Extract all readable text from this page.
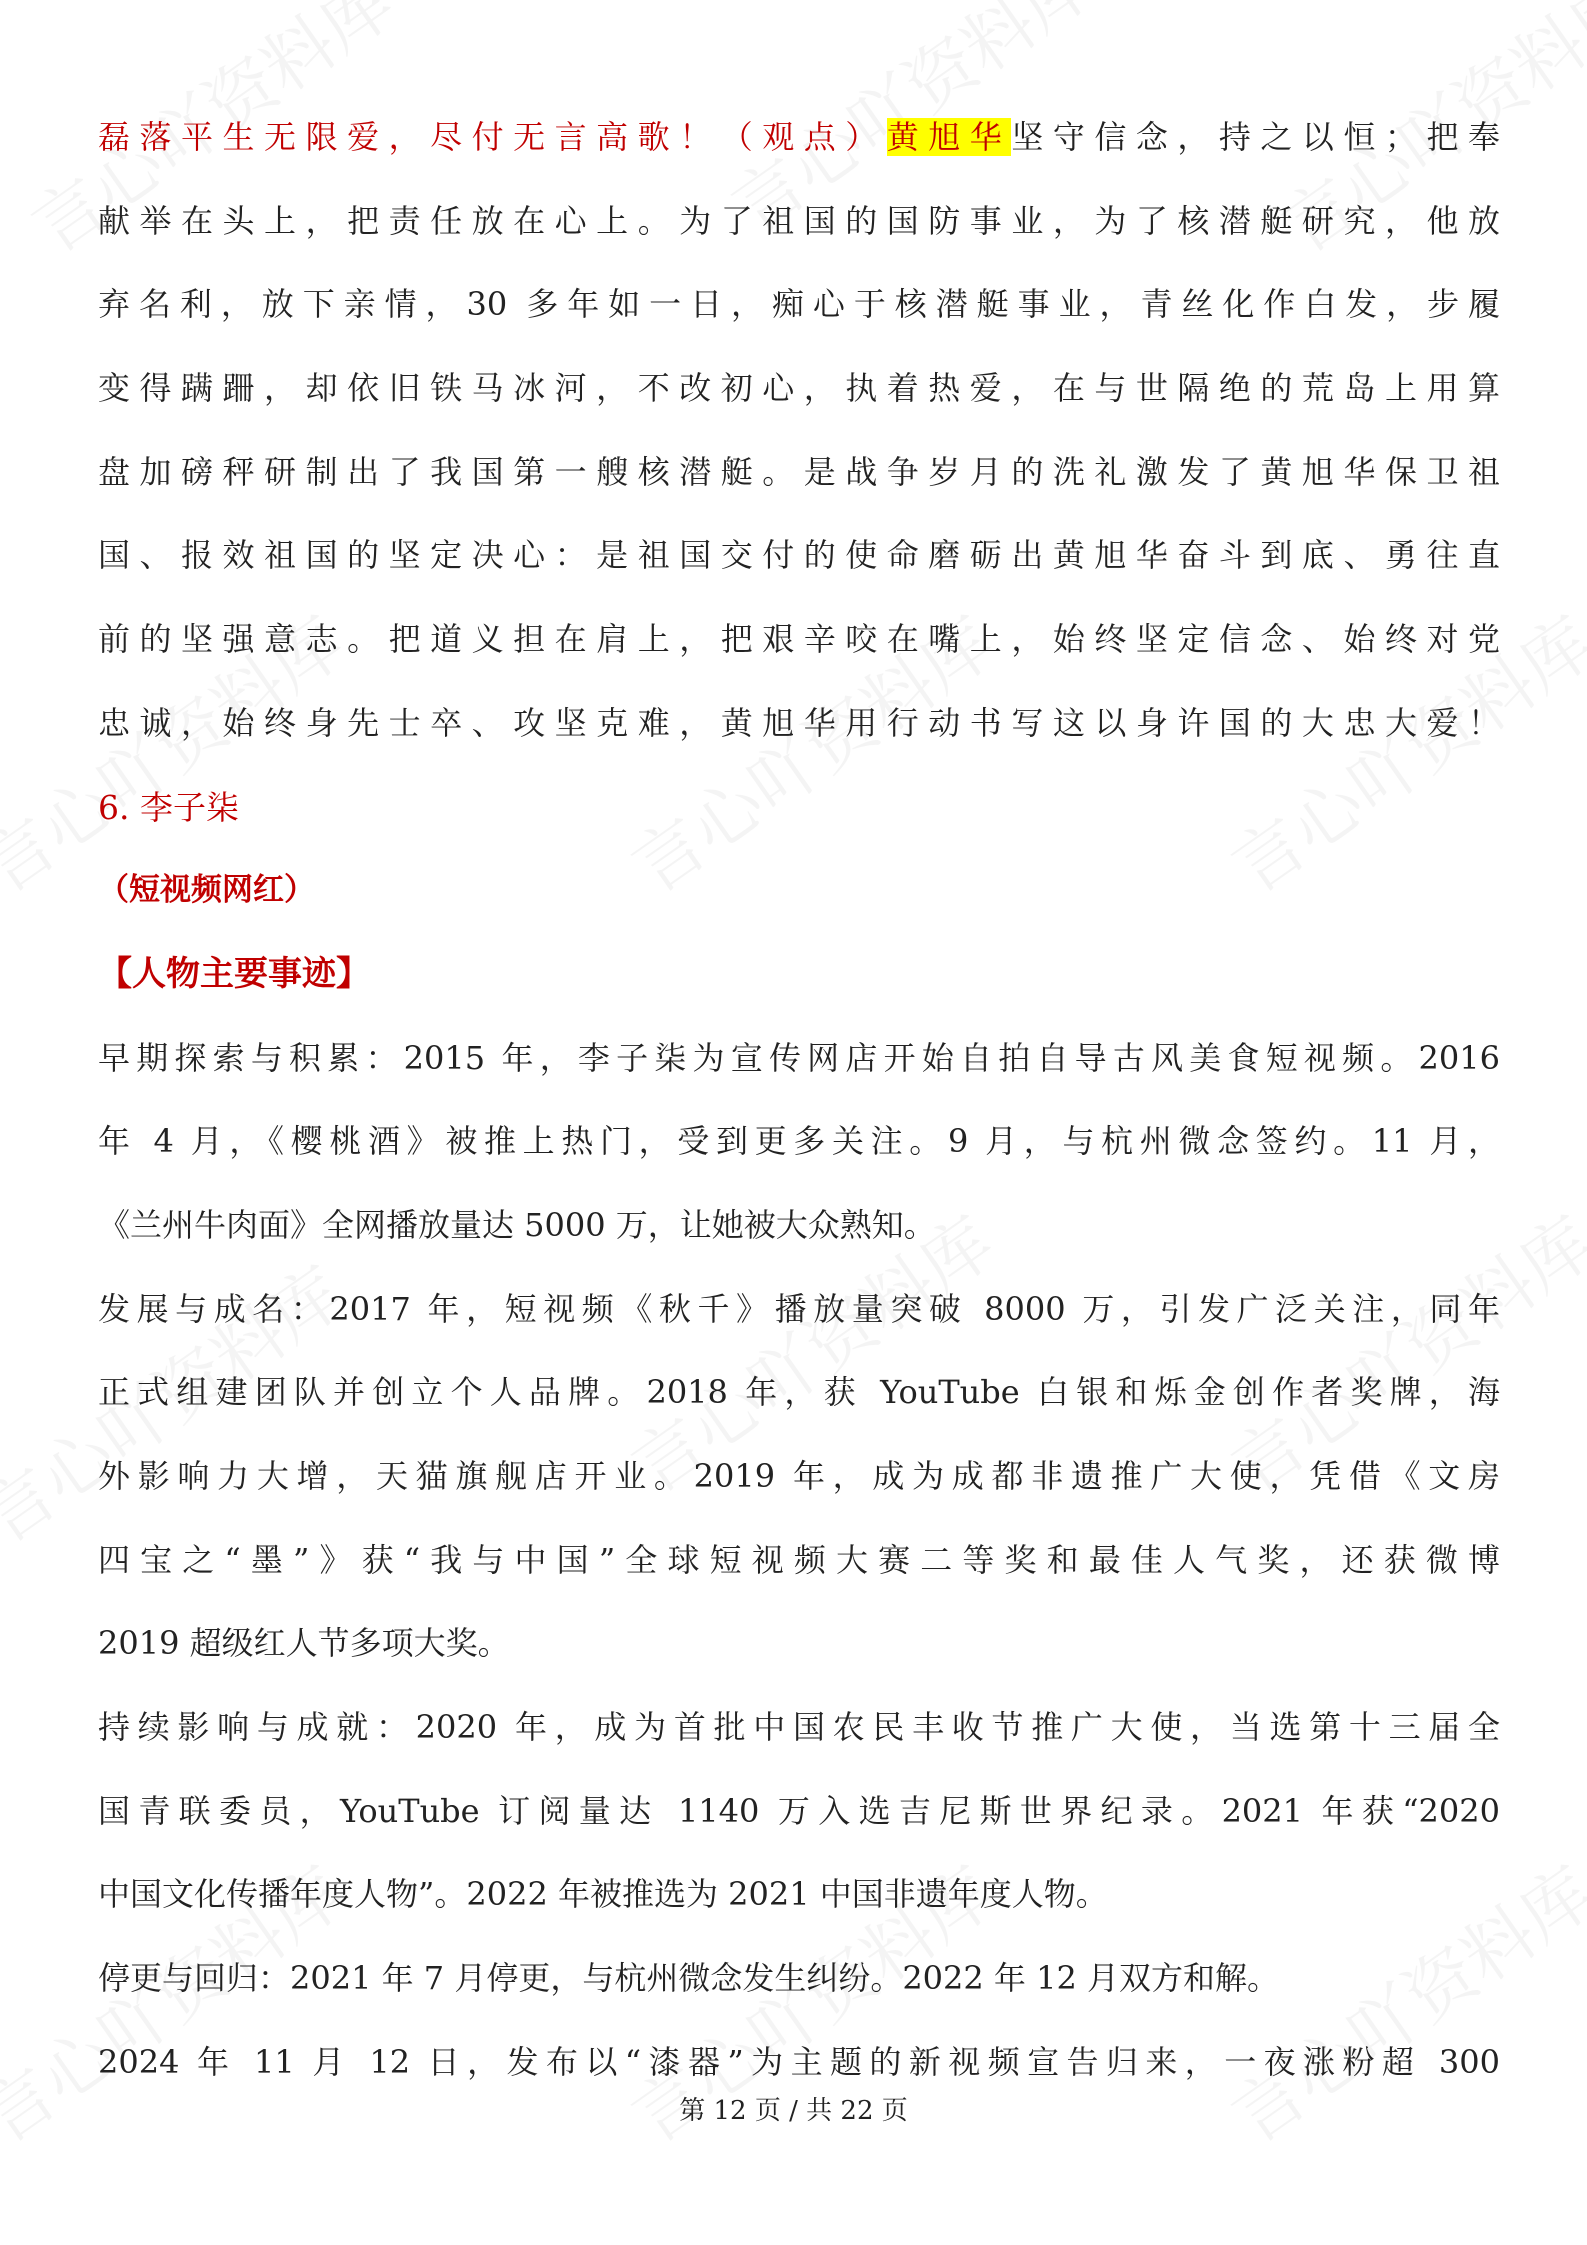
磊落平生无限爱，尽付无言高歌！（观点）黄旭华坚守信念，持之以恒；把奉
献举在头上，把责任放在心上。为了祖国的国防事业，为了核潜艇研究，他放
弃名利，放下亲情，30 多年如一日，痴心于核潜艇事业，青丝化作白发，步履
变得蹒跚，却依旧铁马冰河，不改初心，执着热爱，在与世隔绝的荒岛上用算
盘加磅秤研制出了我国第一艘核潜艇。是战争岁月的洗礼激发了黄旭华保卫祖
国、报效祖国的坚定决心：是祖国交付的使命磨砺出黄旭华奋斗到底、勇往直
前的坚强意志。把道义担在肩上，把艰辛咬在嘴上，始终坚定信念、始终对党
忠诚，始终身先士卒、攻坚克难，黄旭华用行动书写这以身许国的大忠大爱！
6. 李子柒
（短视频网红）
【人物主要事迹】
早期探索与积累：2015 年，李子柒为宣传网店开始自拍自导古风美食短视频。2016
年 4 月，《樱桃酒》被推上热门，受到更多关注。9 月，与杭州微念签约。11 月，
《兰州牛肉面》全网播放量达 5000 万，让她被大众熟知。
发展与成名：2017 年，短视频《秋千》播放量突破 8000 万，引发广泛关注，同年
正式组建团队并创立个人品牌。2018 年，获 YouTube 白银和烁金创作者奖牌，海
外影响力大增，天猫旗舰店开业。2019 年，成为成都非遗推广大使，凭借《文房
四宝之“墨”》获“我与中国”全球短视频大赛二等奖和最佳人气奖，还获微博
2019 超级红人节多项大奖。
持续影响与成就：2020 年，成为首批中国农民丰收节推广大使，当选第十三届全
国青联委员，YouTube 订阅量达 1140 万入选吉尼斯世界纪录。2021 年获“2020
中国文化传播年度人物”。2022 年被推选为 2021 中国非遗年度人物。
停更与回归：2021 年 7 月停更，与杭州微念发生纠纷。2022 年 12 月双方和解。
2024 年 11 月 12 日，发布以“漆器”为主题的新视频宣告归来，一夜涨粉超 300
第 12 页 / 共 22 页
